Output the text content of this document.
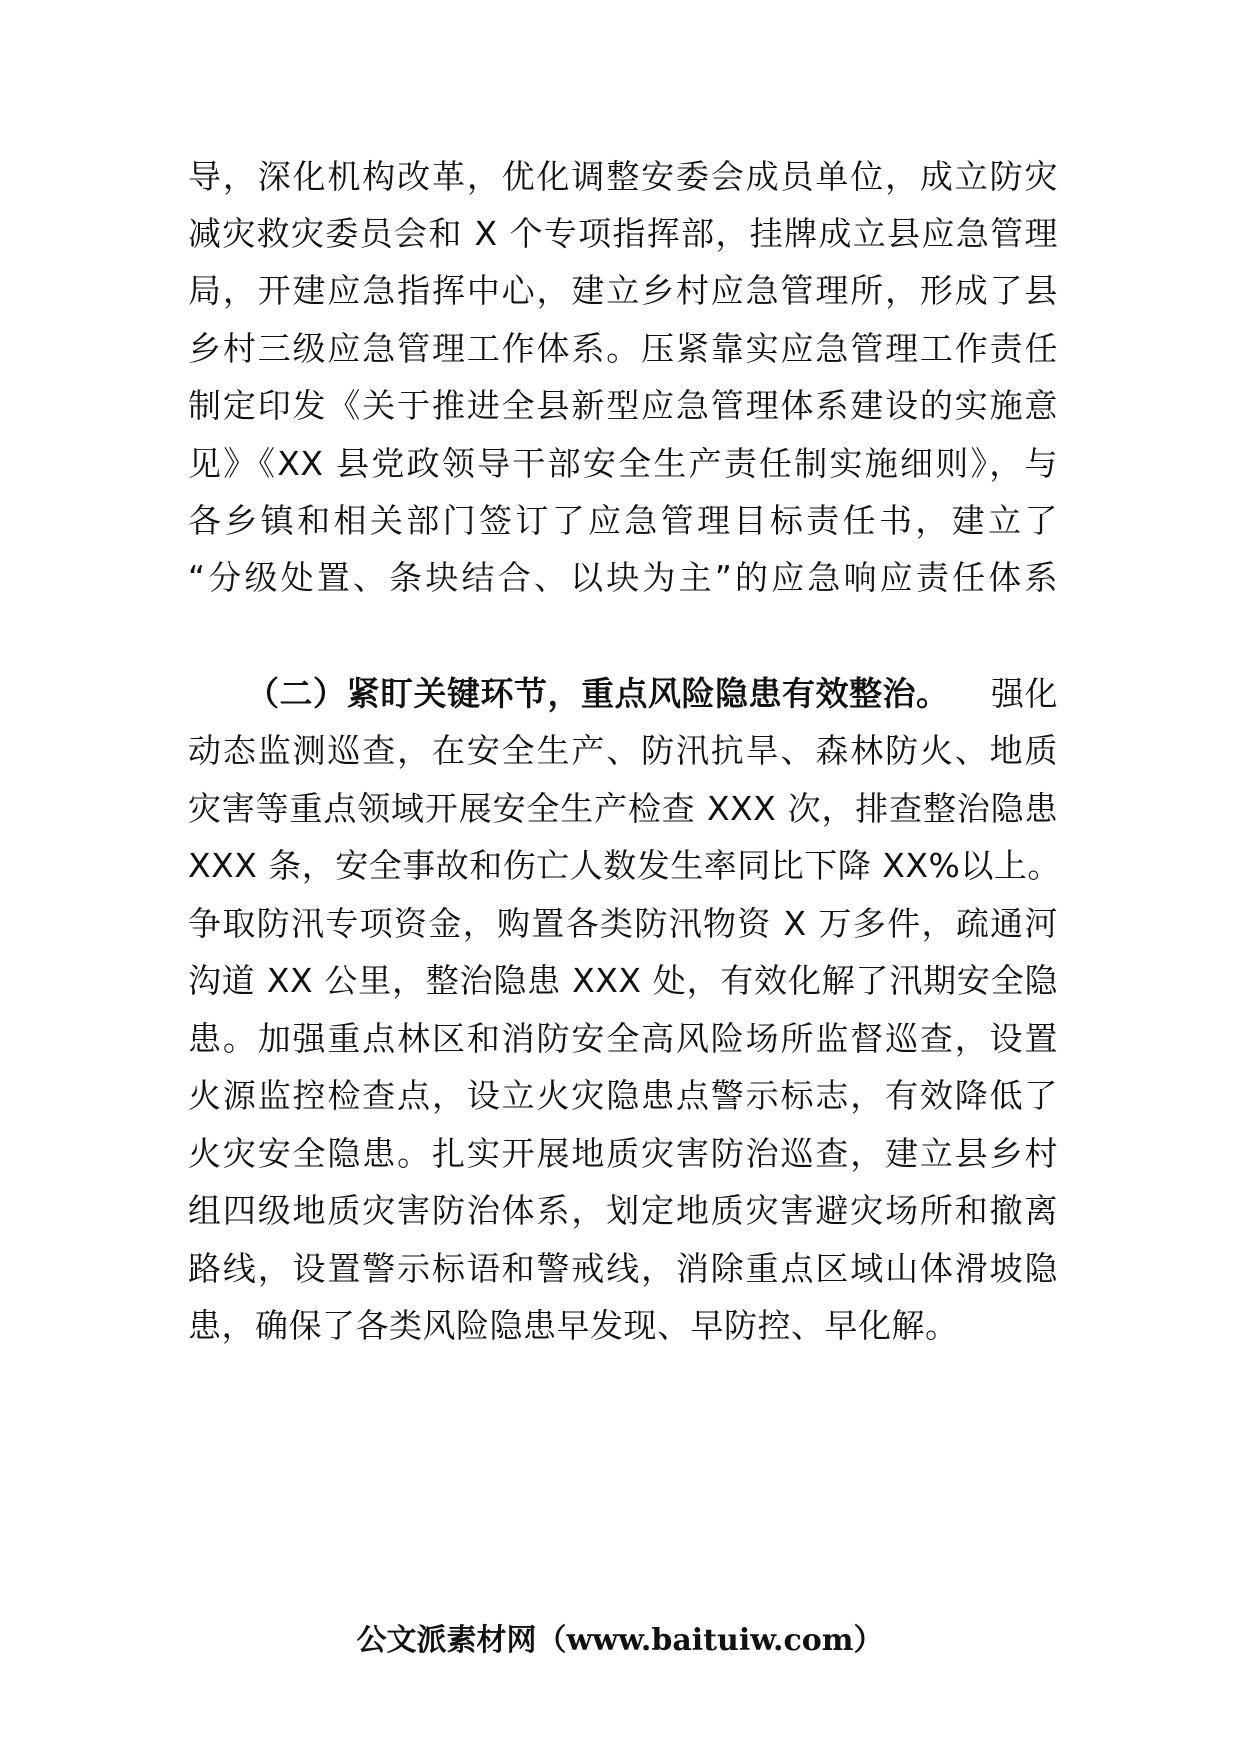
导，深化机构改革，优化调整安委会成员单位，成立防灾
减灾救灾委员会和 X 个专项指挥部，挂牌成立县应急管理
局，开建应急指挥中心，建立乡村应急管理所，形成了县
乡村三级应急管理工作体系。压紧靠实应急管理工作责任
制定印发《关于推进全县新型应急管理体系建设的实施意
见》《XX 县党政领导干部安全生产责任制实施细则》，与
各乡镇和相关部门签订了应急管理目标责任书，建立了
“分级处置、条块结合、以块为主”的应急响应责任体系
（二）紧盯关键环节，重点风险隐患有效整治。 强化
动态监测巡查，在安全生产、防汛抗旱、森林防火、地质
灾害等重点领域开展安全生产检查 XXX 次，排查整治隐患
XXX 条，安全事故和伤亡人数发生率同比下降 XX%以上。
争取防汛专项资金，购置各类防汛物资 X 万多件，疏通河
沟道 XX 公里，整治隐患 XXX 处，有效化解了汛期安全隐
患。加强重点林区和消防安全高风险场所监督巡查，设置
火源监控检查点，设立火灾隐患点警示标志，有效降低了
火灾安全隐患。扎实开展地质灾害防治巡查，建立县乡村
组四级地质灾害防治体系，划定地质灾害避灾场所和撤离
路线，设置警示标语和警戒线，消除重点区域山体滑坡隐
患，确保了各类风险隐患早发现、早防控、早化解。
公文派素材网（www.baituiw.com）
